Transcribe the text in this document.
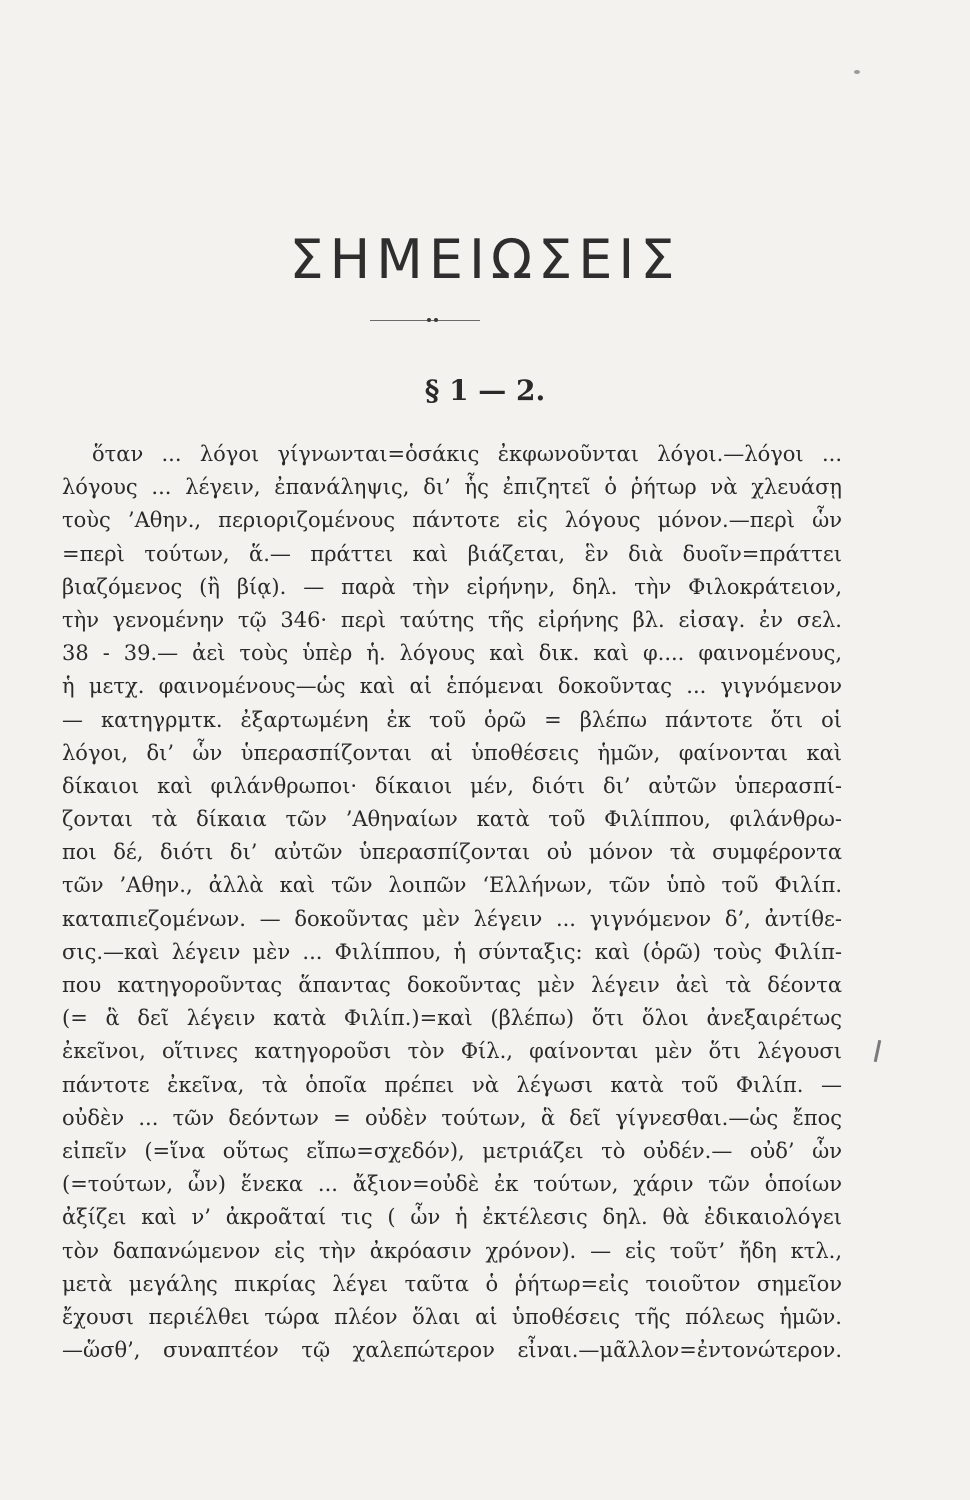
ΣΗΜΕΙΩΣΕΙΣ
§ 1 — 2.
ὅταν ... λόγοι γίγνωνται=ὁσάκις ἐκφωνοῦνται λόγοι.—λόγοι ...
λόγους ... λέγειν, ἐπανάληψις, δι’ ἧς ἐπιζητεῖ ὁ ῥήτωρ νὰ χλευάσῃ
τοὺς ’Αθην., περιοριζομένους πάντοτε εἰς λόγους μόνον.—περὶ ὧν
=περὶ τούτων, ἅ.— πράττει καὶ βιάζεται, ἓν διὰ δυοῖν=πράττει
βιαζόμενος (ἢ βίᾳ). — παρὰ τὴν εἰρήνην, δηλ. τὴν Φιλοκράτειον,
τὴν γενομένην τῷ 346· περὶ ταύτης τῆς εἰρήνης βλ. εἰσαγ. ἐν σελ.
38 - 39.— ἀεὶ τοὺς ὑπὲρ ἡ. λόγους καὶ δικ. καὶ φ.... φαινομένους,
ἡ μετχ. φαινομένους—ὡς καὶ αἱ ἑπόμεναι δοκοῦντας ... γιγνόμενον
— κατηγρμτκ. ἐξαρτωμένη ἐκ τοῦ ὁρῶ = βλέπω πάντοτε ὅτι οἱ
λόγοι, δι’ ὧν ὑπερασπίζονται αἱ ὑποθέσεις ἡμῶν, φαίνονται καὶ
δίκαιοι καὶ φιλάνθρωποι· δίκαιοι μέν, διότι δι’ αὐτῶν ὑπερασπί-
ζονται τὰ δίκαια τῶν ’Αθηναίων κατὰ τοῦ Φιλίππου, φιλάνθρω-
ποι δέ, διότι δι’ αὐτῶν ὑπερασπίζονται οὐ μόνον τὰ συμφέροντα
τῶν ’Αθην., ἀλλὰ καὶ τῶν λοιπῶν ‘Ελλήνων, τῶν ὑπὸ τοῦ Φιλίπ.
καταπιεζομένων. — δοκοῦντας μὲν λέγειν ... γιγνόμενον δ’, ἀντίθε-
σις.—καὶ λέγειν μὲν ... Φιλίππου, ἡ σύνταξις: καὶ (ὁρῶ) τοὺς Φιλίπ-
που κατηγοροῦντας ἅπαντας δοκοῦντας μὲν λέγειν ἀεὶ τὰ δέοντα
(= ἃ δεῖ λέγειν κατὰ Φιλίπ.)=καὶ (βλέπω) ὅτι ὅλοι ἀνεξαιρέτως
ἐκεῖνοι, οἵτινες κατηγοροῦσι τὸν Φίλ., φαίνονται μὲν ὅτι λέγουσι
πάντοτε ἐκεῖνα, τὰ ὁποῖα πρέπει νὰ λέγωσι κατὰ τοῦ Φιλίπ. —
οὐδὲν ... τῶν δεόντων = οὐδὲν τούτων, ἃ δεῖ γίγνεσθαι.—ὡς ἔπος
εἰπεῖν (=ἵνα οὕτως εἴπω=σχεδόν), μετριάζει τὸ οὐδέν.— οὐδ’ ὧν
(=τούτων, ὧν) ἕνεκα ... ἄξιον=οὐδὲ ἐκ τούτων, χάριν τῶν ὁποίων
ἀξίζει καὶ ν’ ἀκροᾶταί τις ( ὧν ἡ ἐκτέλεσις δηλ. θὰ ἐδικαιολόγει
τὸν δαπανώμενον εἰς τὴν ἀκρόασιν χρόνον). — εἰς τοῦτ’ ἤδη κτλ.,
μετὰ μεγάλης πικρίας λέγει ταῦτα ὁ ῥήτωρ=εἰς τοιοῦτον σημεῖον
ἔχουσι περιέλθει τώρα πλέον ὅλαι αἱ ὑποθέσεις τῆς πόλεως ἡμῶν.
—ὥσθ’, συναπτέον τῷ χαλεπώτερον εἶναι.—μᾶλλον=ἐντονώτερον.
